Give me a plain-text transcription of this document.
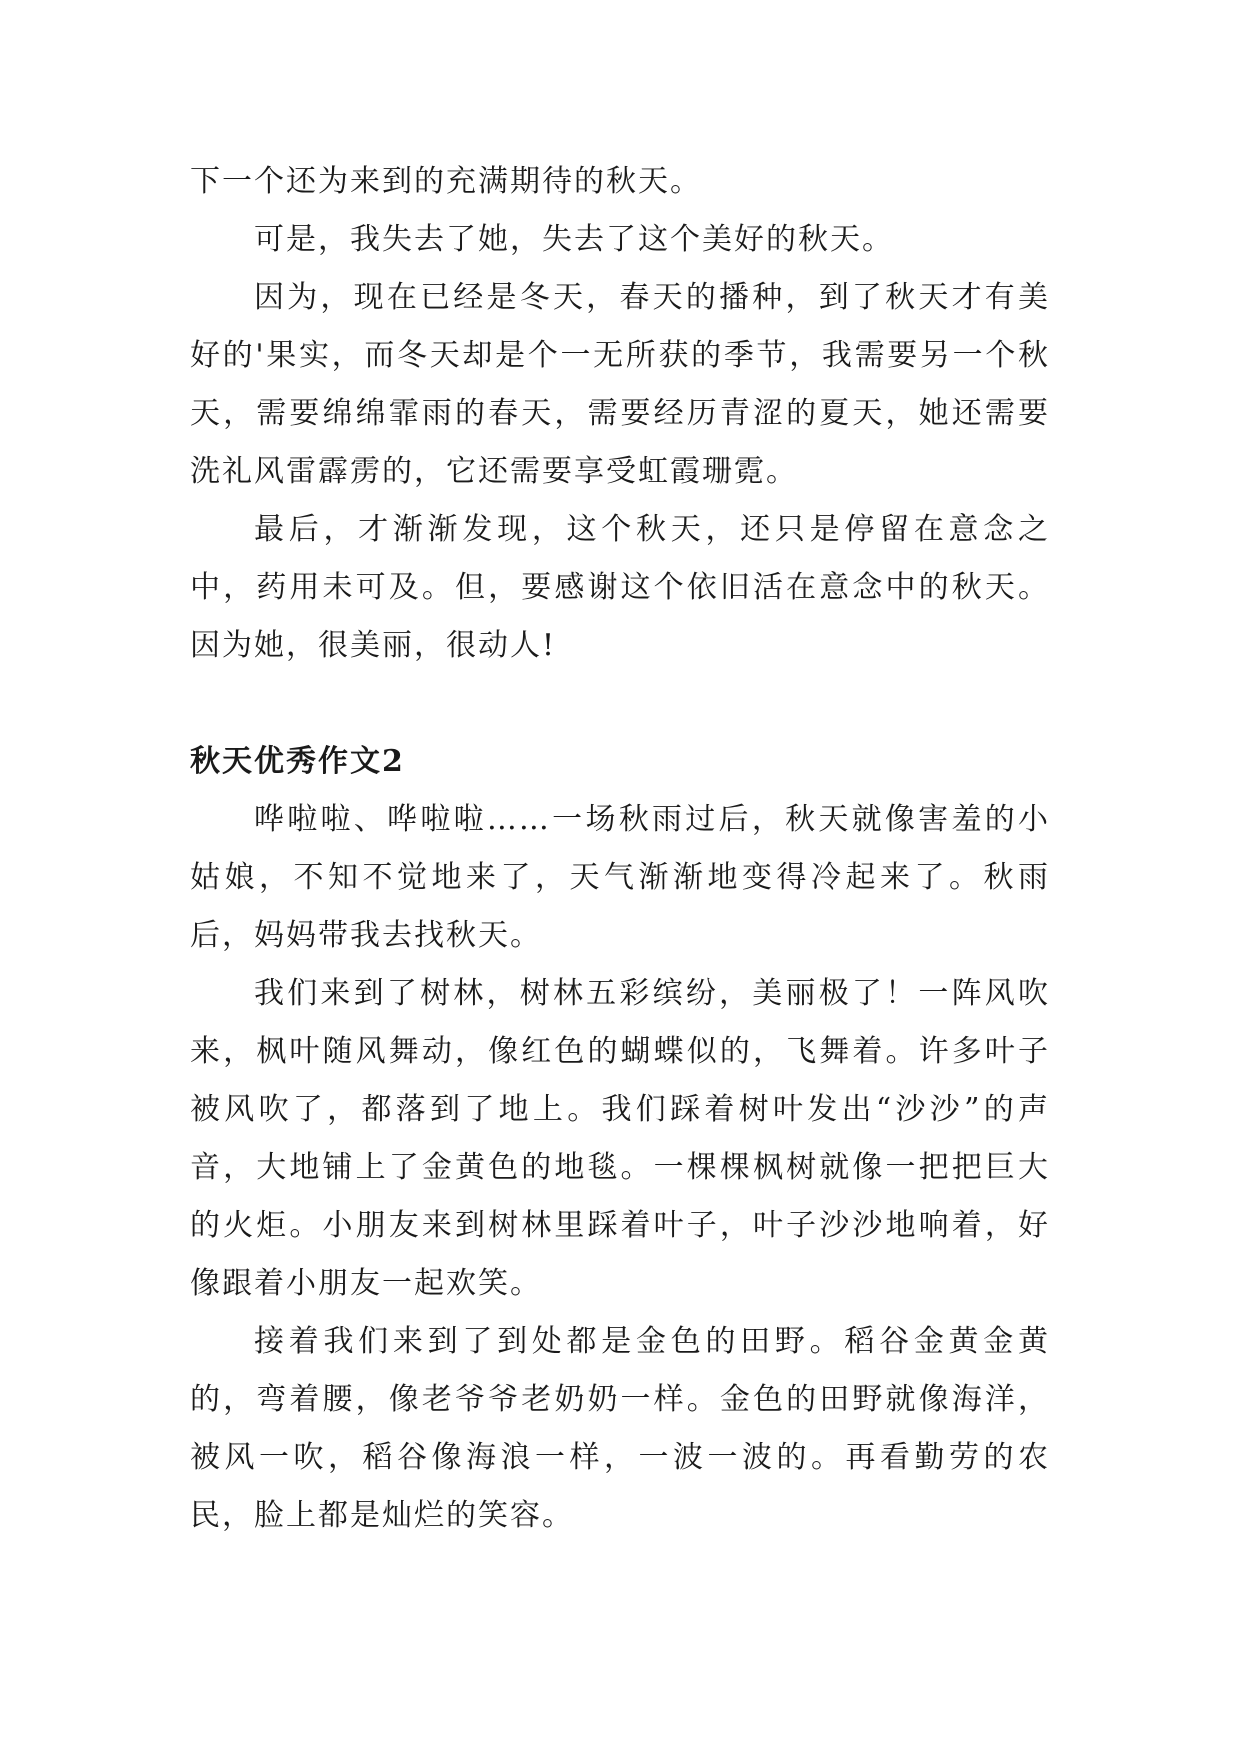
下一个还为来到的充满期待的秋天。

可是，我失去了她，失去了这个美好的秋天。

因为，现在已经是冬天，春天的播种，到了秋天才有美好的'果实，而冬天却是个一无所获的季节，我需要另一个秋天，需要绵绵霏雨的春天，需要经历青涩的夏天，她还需要洗礼风雷霹雳的，它还需要享受虹霞珊霓。

最后，才渐渐发现，这个秋天，还只是停留在意念之中，药用未可及。但，要感谢这个依旧活在意念中的秋天。因为她，很美丽，很动人!

秋天优秀作文2

哗啦啦、哗啦啦……一场秋雨过后，秋天就像害羞的小姑娘，不知不觉地来了，天气渐渐地变得冷起来了。秋雨后，妈妈带我去找秋天。

我们来到了树林，树林五彩缤纷，美丽极了！一阵风吹来，枫叶随风舞动，像红色的蝴蝶似的，飞舞着。许多叶子被风吹了，都落到了地上。我们踩着树叶发出“沙沙”的声音，大地铺上了金黄色的地毯。一棵棵枫树就像一把把巨大的火炬。小朋友来到树林里踩着叶子，叶子沙沙地响着，好像跟着小朋友一起欢笑。

接着我们来到了到处都是金色的田野。稻谷金黄金黄的，弯着腰，像老爷爷老奶奶一样。金色的田野就像海洋，被风一吹，稻谷像海浪一样，一波一波的。再看勤劳的农民，脸上都是灿烂的笑容。
